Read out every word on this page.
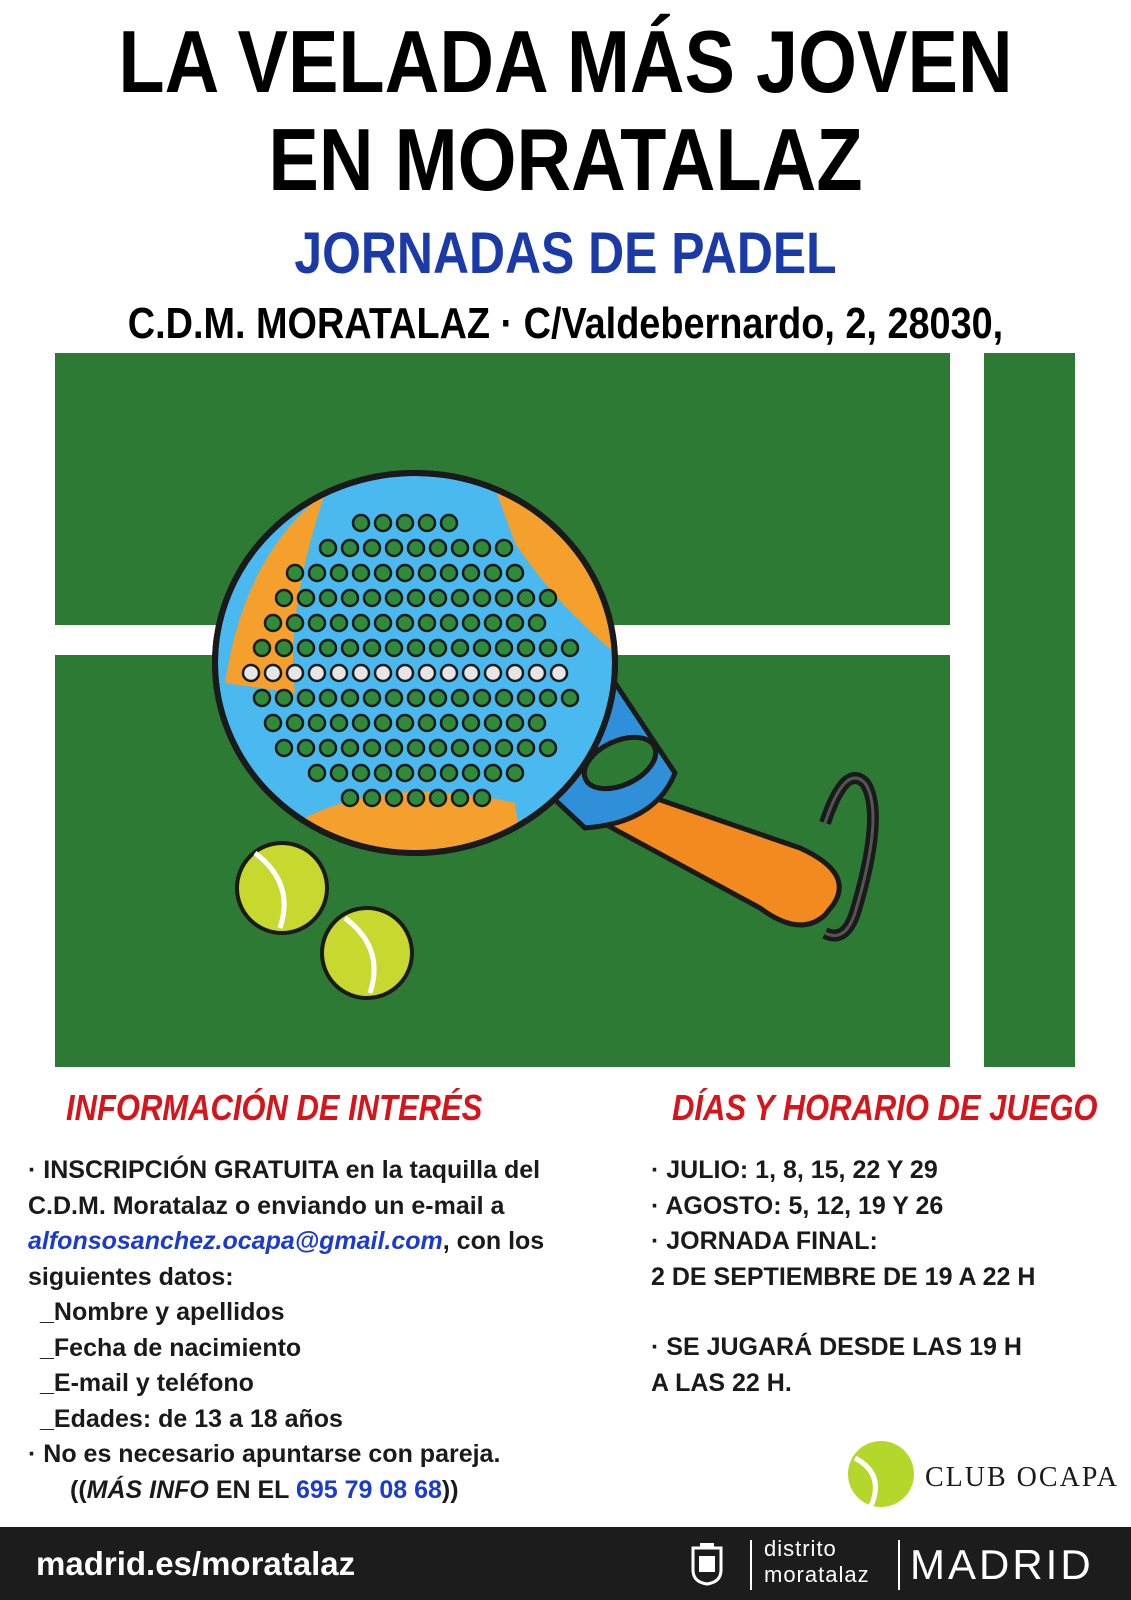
LA VELADA MÁS JOVEN
EN MORATALAZ
JORNADAS DE PADEL
C.D.M. MORATALAZ · C/Valdebernardo, 2, 28030,
INFORMACIÓN DE INTERÉS
· INSCRIPCIÓN GRATUITA en la taquilla del
C.D.M. Moratalaz o enviando un e-mail a
alfonsosanchez.ocapa@gmail.com, con los
siguientes datos:
_Nombre y apellidos
_Fecha de nacimiento
_E-mail y teléfono
_Edades: de 13 a 18 años
· No es necesario apuntarse con pareja.
((MÁS INFO EN EL 695 79 08 68))
DÍAS Y HORARIO DE JUEGO
· JULIO: 1, 8, 15, 22 Y 29
· AGOSTO: 5, 12, 19 Y 26
· JORNADA FINAL:
2 DE SEPTIEMBRE DE 19 A 22 H
· SE JUGARÁ DESDE LAS 19 H
A LAS 22 H.
CLUB OCAPA
madrid.es/moratalaz	distrito
moratalaz MADRID
